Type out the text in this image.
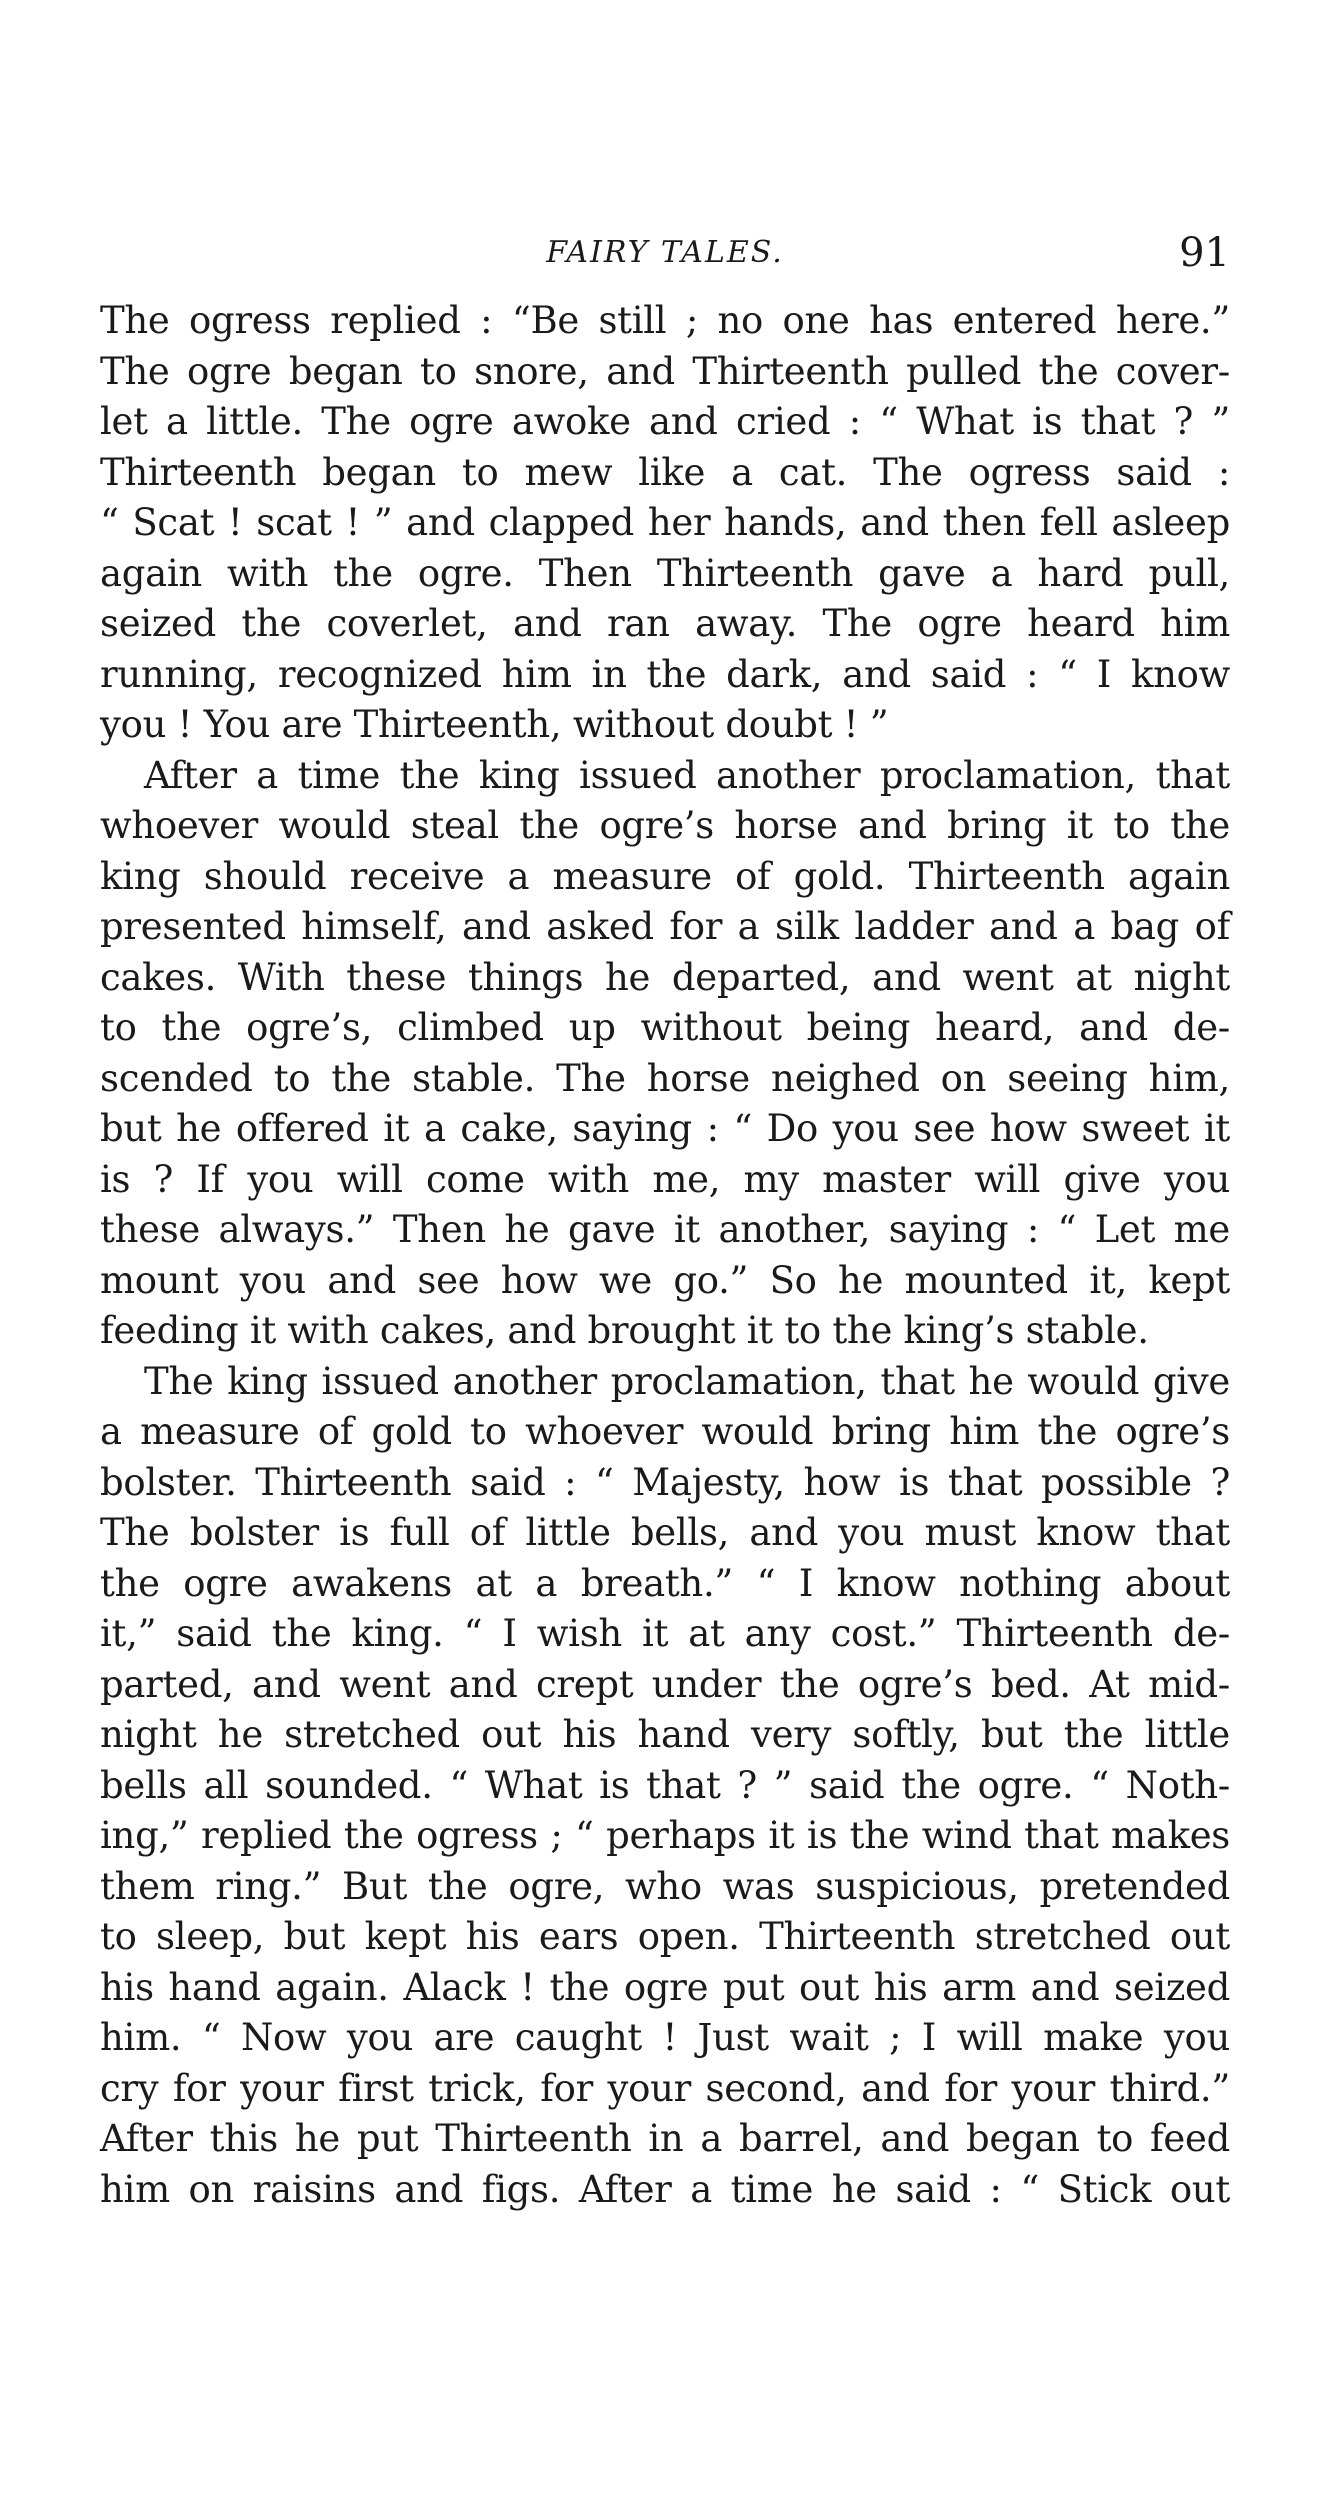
FAIRY TALES.	91
The ogress replied : “Be still ; no one has entered here.”
The ogre began to snore, and Thirteenth pulled the cover-
let a little. The ogre awoke and cried : “ What is that ? ”
Thirteenth began to mew like a cat. The ogress said :
“ Scat ! scat ! ” and clapped her hands, and then fell asleep
again with the ogre. Then Thirteenth gave a hard pull,
seized the coverlet, and ran away. The ogre heard him
running, recognized him in the dark, and said : “ I know
you ! You are Thirteenth, without doubt ! ”
After a time the king issued another proclamation, that
whoever would steal the ogre’s horse and bring it to the
king should receive a measure of gold. Thirteenth again
presented himself, and asked for a silk ladder and a bag of
cakes. With these things he departed, and went at night
to the ogre’s, climbed up without being heard, and de-
scended to the stable. The horse neighed on seeing him,
but he offered it a cake, saying : “ Do you see how sweet it
is ? If you will come with me, my master will give you
these always.” Then he gave it another, saying : “ Let me
mount you and see how we go.” So he mounted it, kept
feeding it with cakes, and brought it to the king’s stable.
The king issued another proclamation, that he would give
a measure of gold to whoever would bring him the ogre’s
bolster. Thirteenth said : “ Majesty, how is that possible ?
The bolster is full of little bells, and you must know that
the ogre awakens at a breath.” “ I know nothing about
it,” said the king. “ I wish it at any cost.” Thirteenth de-
parted, and went and crept under the ogre’s bed. At mid-
night he stretched out his hand very softly, but the little
bells all sounded. “ What is that ? ” said the ogre. “ Noth-
ing,” replied the ogress ; “ perhaps it is the wind that makes
them ring.” But the ogre, who was suspicious, pretended
to sleep, but kept his ears open. Thirteenth stretched out
his hand again. Alack ! the ogre put out his arm and seized
him. “ Now you are caught ! Just wait ; I will make you
cry for your first trick, for your second, and for your third.”
After this he put Thirteenth in a barrel, and began to feed
him on raisins and figs. After a time he said : “ Stick out
